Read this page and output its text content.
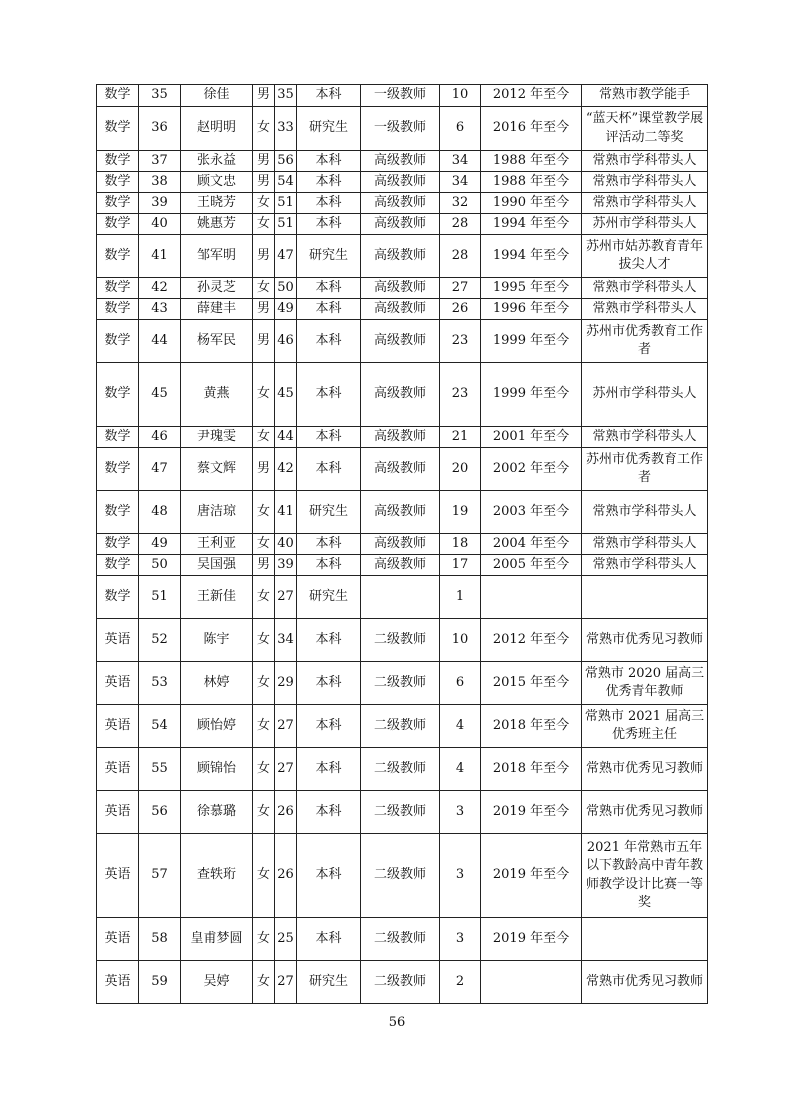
数学	35	徐佳	男	35	本科	一级教师	10	2012 年至今	常熟市教学能手
数学	36	赵明明	女	33	研究生	一级教师	6	2016 年至今	“蓝天杯”课堂教学展评活动二等奖
数学	37	张永益	男	56	本科	高级教师	34	1988 年至今	常熟市学科带头人
数学	38	顾文忠	男	54	本科	高级教师	34	1988 年至今	常熟市学科带头人
数学	39	王晓芳	女	51	本科	高级教师	32	1990 年至今	常熟市学科带头人
数学	40	姚惠芳	女	51	本科	高级教师	28	1994 年至今	苏州市学科带头人
数学	41	邹军明	男	47	研究生	高级教师	28	1994 年至今	苏州市姑苏教育青年拔尖人才
数学	42	孙灵芝	女	50	本科	高级教师	27	1995 年至今	常熟市学科带头人
数学	43	薛建丰	男	49	本科	高级教师	26	1996 年至今	常熟市学科带头人
数学	44	杨军民	男	46	本科	高级教师	23	1999 年至今	苏州市优秀教育工作者
数学	45	黄燕	女	45	本科	高级教师	23	1999 年至今	苏州市学科带头人
数学	46	尹瑰雯	女	44	本科	高级教师	21	2001 年至今	常熟市学科带头人
数学	47	蔡文辉	男	42	本科	高级教师	20	2002 年至今	苏州市优秀教育工作者
数学	48	唐洁琼	女	41	研究生	高级教师	19	2003 年至今	常熟市学科带头人
数学	49	王利亚	女	40	本科	高级教师	18	2004 年至今	常熟市学科带头人
数学	50	吴国强	男	39	本科	高级教师	17	2005 年至今	常熟市学科带头人
数学	51	王新佳	女	27	研究生		1		
英语	52	陈宇	女	34	本科	二级教师	10	2012 年至今	常熟市优秀见习教师
英语	53	林婷	女	29	本科	二级教师	6	2015 年至今	常熟市 2020 届高三优秀青年教师
英语	54	顾怡婷	女	27	本科	二级教师	4	2018 年至今	常熟市 2021 届高三优秀班主任
英语	55	顾锦怡	女	27	本科	二级教师	4	2018 年至今	常熟市优秀见习教师
英语	56	徐慕璐	女	26	本科	二级教师	3	2019 年至今	常熟市优秀见习教师
英语	57	查轶珩	女	26	本科	二级教师	3	2019 年至今	2021 年常熟市五年以下教龄高中青年教师教学设计比赛一等奖
英语	58	皇甫梦圆	女	25	本科	二级教师	3	2019 年至今	
英语	59	吴婷	女	27	研究生	二级教师	2		常熟市优秀见习教师
56
